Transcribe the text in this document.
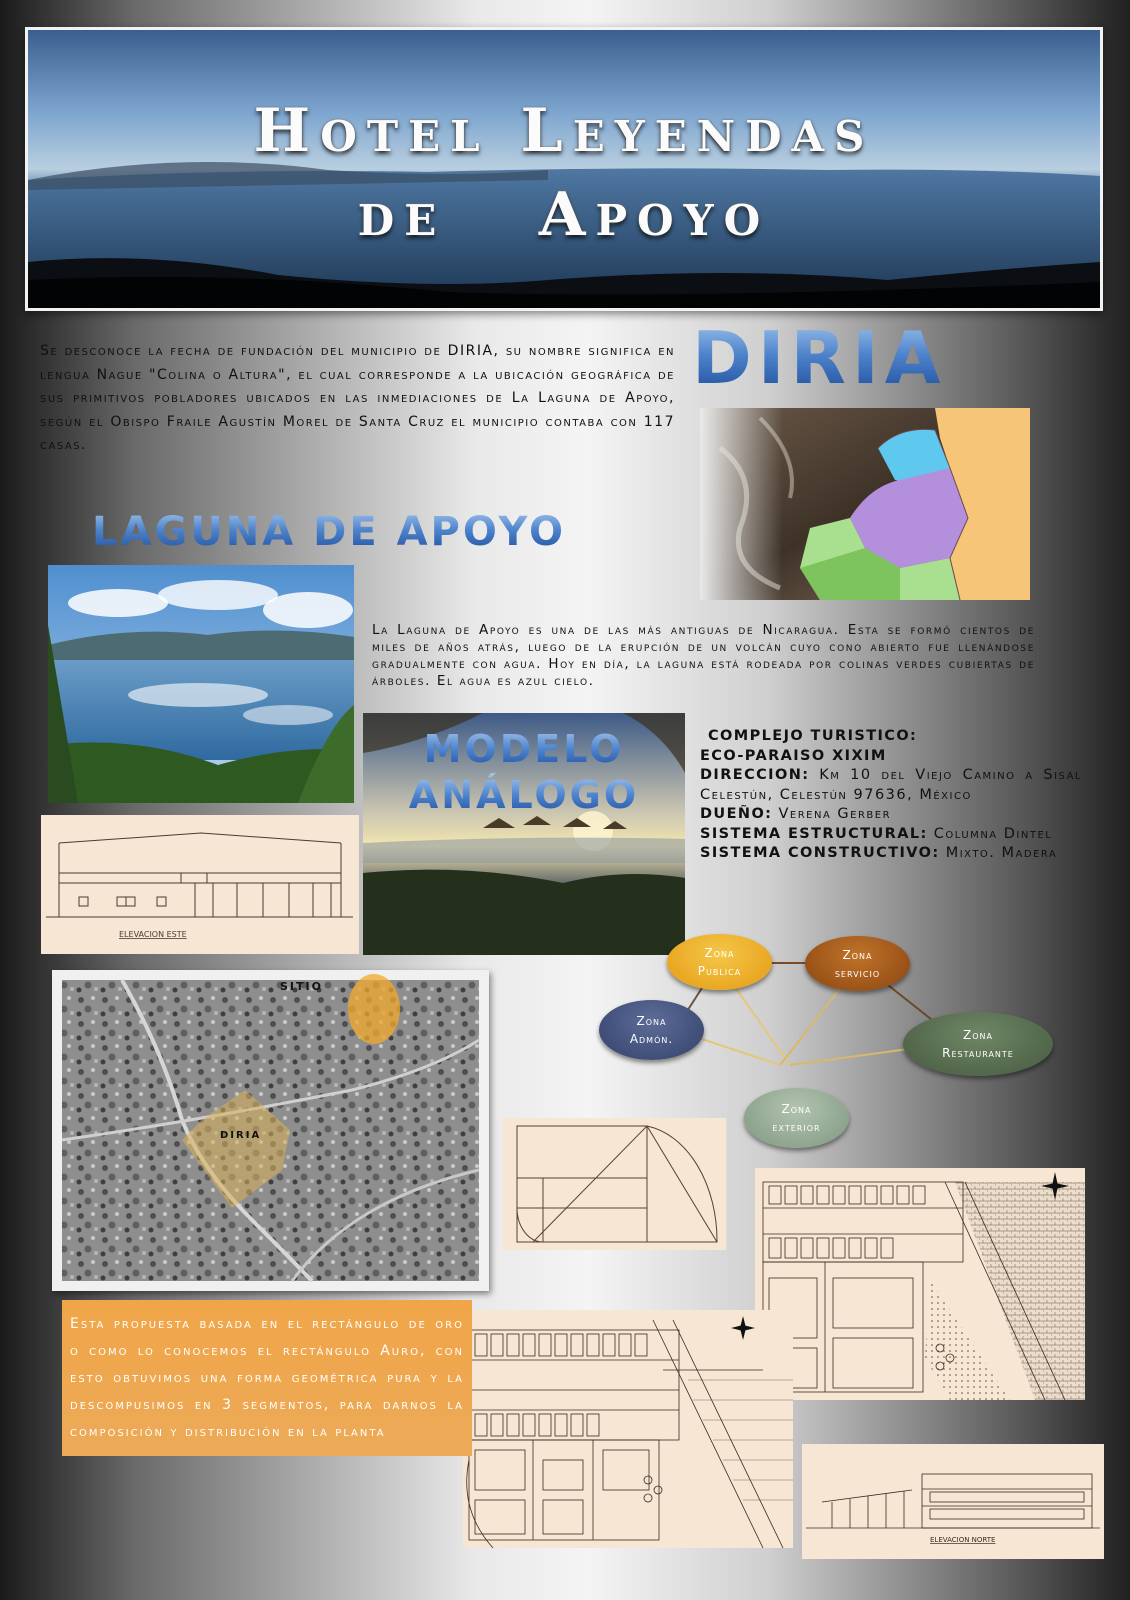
Hotel Leyendas
de   Apoyo

Se desconoce la fecha de fundación del municipio de DIRIA, su nombre significa en lengua Nague "Colina o Altura", el cual corresponde a la ubicación geográfica de sus primitivos pobladores ubicados en las inmediaciones de La Laguna de Apoyo, según el Obispo Fraile Agustín Morel de Santa Cruz el municipio contaba con 117 casas.

DIRIA
LAGUNA DE APOYO

La Laguna de Apoyo es una de las más antiguas de Nicaragua. Esta se formó cientos de miles de años atrás, luego de la erupción de un volcán cuyo cono abierto fue llenándose gradualmente con agua. Hoy en día, la laguna está rodeada por colinas verdes cubiertas de árboles. El agua es azul cielo.

MODELO
ANÁLOGO
COMPLEJO TURISTICO:
ECO-PARAISO XIXIM
DIRECCION: Km 10 del Viejo Camino a Sisal Celestún, Celestún 97636, México
DUEÑO: Verena Gerber
SISTEMA ESTRUCTURAL: Columna Dintel
SISTEMA CONSTRUCTIVO: Mixto. Madera
ELEVACION ESTE
Zona
Publica
Zona
servicio
Zona
Admón.	Zona
Restaurante
Zona
exterior
SITIO
DIRIA
ELEVACION NORTE
Esta propuesta basada en el rectángulo de oro o como lo conocemos el rectángulo Auro, con esto obtuvimos una forma geométrica pura y la descompusimos en 3 segmentos, para darnos la composición y distribución en la planta
